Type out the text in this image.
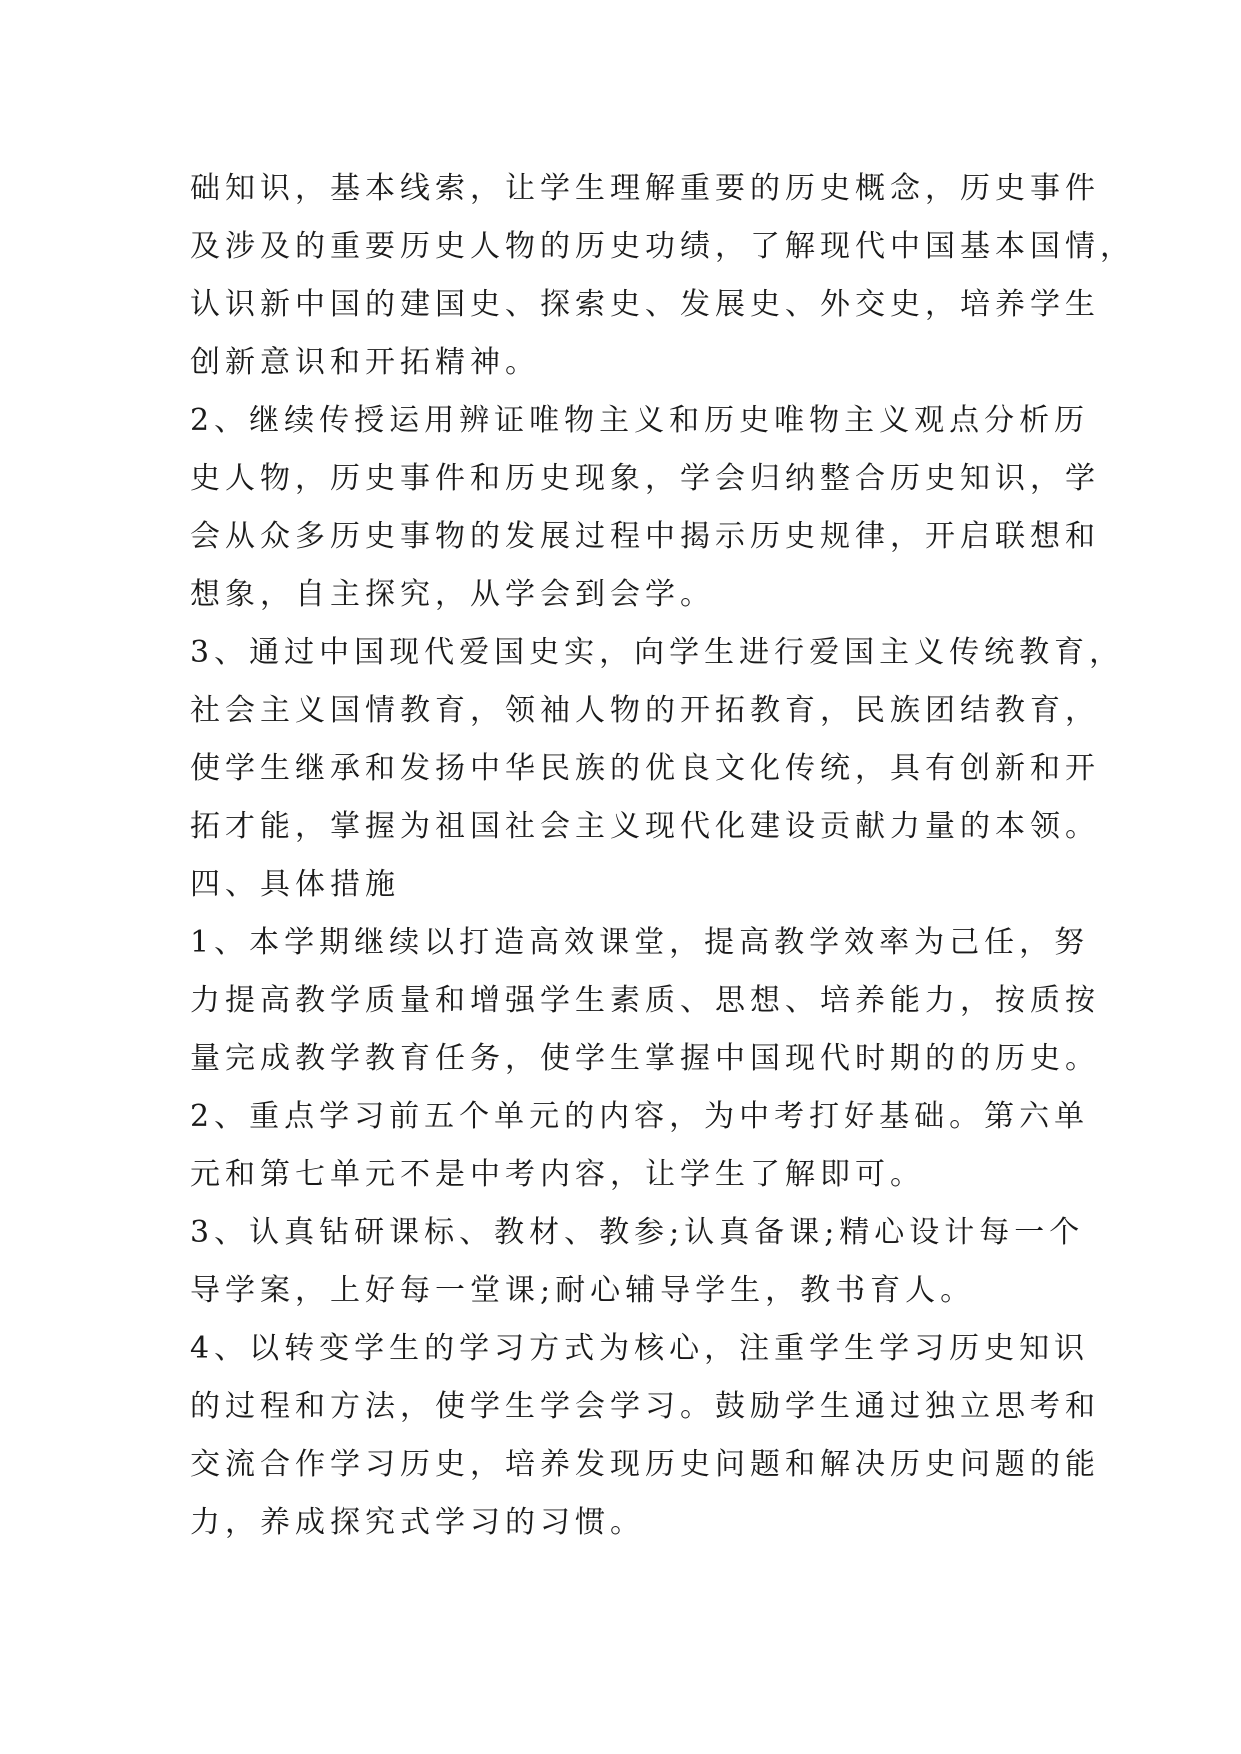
础知识，基本线索，让学生理解重要的历史概念，历史事件
及涉及的重要历史人物的历史功绩，了解现代中国基本国情，
认识新中国的建国史、探索史、发展史、外交史，培养学生
创新意识和开拓精神。
2、继续传授运用辨证唯物主义和历史唯物主义观点分析历
史人物，历史事件和历史现象，学会归纳整合历史知识，学
会从众多历史事物的发展过程中揭示历史规律，开启联想和
想象，自主探究，从学会到会学。
3、通过中国现代爱国史实，向学生进行爱国主义传统教育，
社会主义国情教育，领袖人物的开拓教育，民族团结教育，
使学生继承和发扬中华民族的优良文化传统，具有创新和开
拓才能，掌握为祖国社会主义现代化建设贡献力量的本领。
四、具体措施
1、本学期继续以打造高效课堂，提高教学效率为己任，努
力提高教学质量和增强学生素质、思想、培养能力，按质按
量完成教学教育任务，使学生掌握中国现代时期的的历史。
2、重点学习前五个单元的内容，为中考打好基础。第六单
元和第七单元不是中考内容，让学生了解即可。
3、认真钻研课标、教材、教参;认真备课;精心设计每一个
导学案，上好每一堂课;耐心辅导学生，教书育人。
4、以转变学生的学习方式为核心，注重学生学习历史知识
的过程和方法，使学生学会学习。鼓励学生通过独立思考和
交流合作学习历史，培养发现历史问题和解决历史问题的能
力，养成探究式学习的习惯。
